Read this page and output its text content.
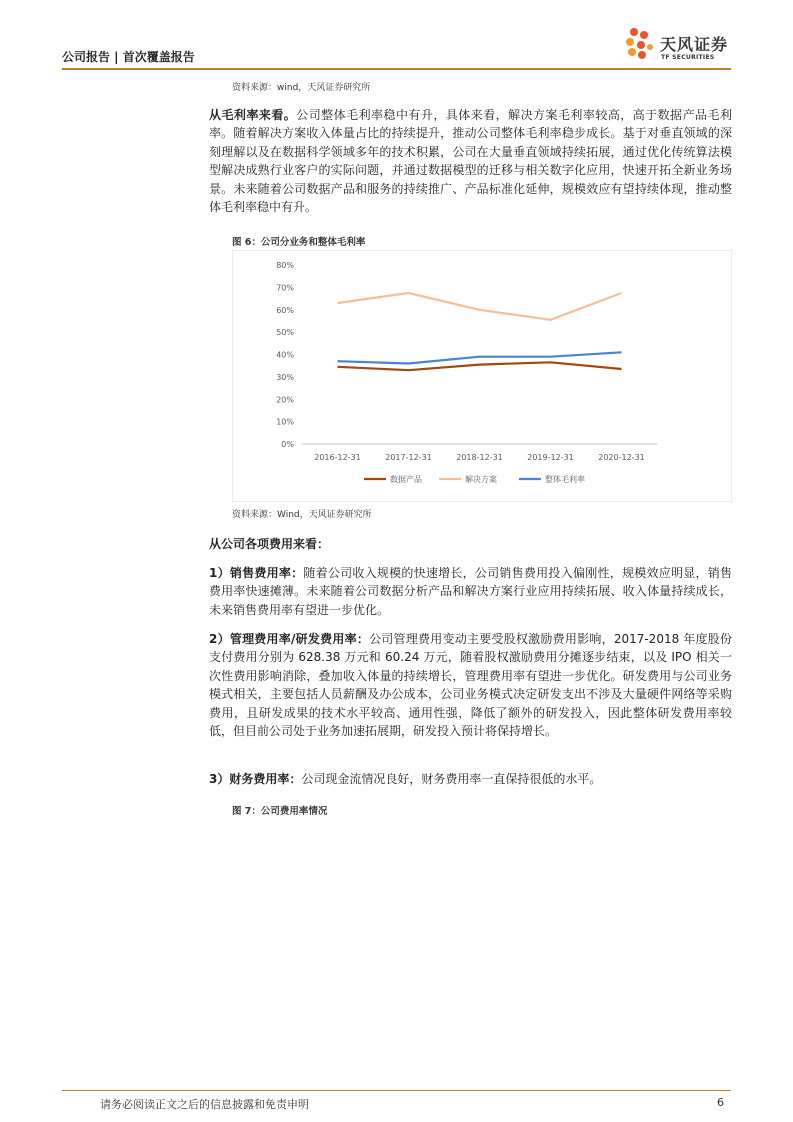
公司报告 | 首次覆盖报告
天风证券
TF SECURITIES
资料来源：wind，天风证券研究所
从毛利率来看。公司整体毛利率稳中有升，具体来看，解决方案毛利率较高，高于数据产品毛利率。随着解决方案收入体量占比的持续提升，推动公司整体毛利率稳步成长。基于对垂直领域的深刻理解以及在数据科学领域多年的技术积累，公司在大量垂直领域持续拓展，通过优化传统算法模型解决成熟行业客户的实际问题，并通过数据模型的迁移与相关数字化应用，快速开拓全新业务场景。未来随着公司数据产品和服务的持续推广、产品标准化延伸，规模效应有望持续体现，推动整体毛利率稳中有升。
图 6：公司分业务和整体毛利率
0%
10%
20%
30%
40%
50%
60%
70%
80%
2016-12-31	2017-12-31	2018-12-31	2019-12-31	2020-12-31
数据产品	解决方案	整体毛利率
资料来源：Wind，天风证券研究所
从公司各项费用来看：
1）销售费用率：随着公司收入规模的快速增长，公司销售费用投入偏刚性，规模效应明显，销售费用率快速摊薄。未来随着公司数据分析产品和解决方案行业应用持续拓展、收入体量持续成长，未来销售费用率有望进一步优化。
2）管理费用率/研发费用率：公司管理费用变动主要受股权激励费用影响，2017-2018 年度股份支付费用分别为 628.38 万元和 60.24 万元，随着股权激励费用分摊逐步结束，以及 IPO 相关一次性费用影响消除，叠加收入体量的持续增长，管理费用率有望进一步优化。研发费用与公司业务模式相关，主要包括人员薪酬及办公成本，公司业务模式决定研发支出不涉及大量硬件网络等采购费用，且研发成果的技术水平较高、通用性强，降低了额外的研发投入，因此整体研发费用率较低，但目前公司处于业务加速拓展期，研发投入预计将保持增长。
3）财务费用率：公司现金流情况良好，财务费用率一直保持很低的水平。
图 7：公司费用率情况
请务必阅读正文之后的信息披露和免责申明	6
